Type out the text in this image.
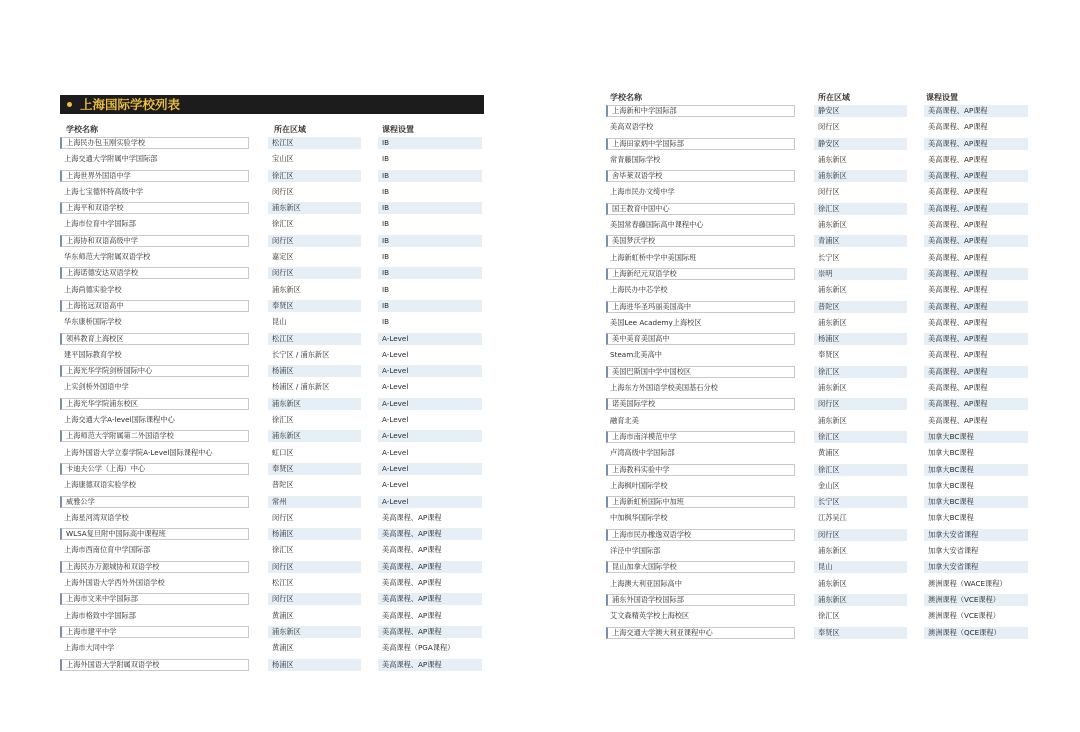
上海国际学校列表
学校名称	所在区域	课程设置
上海民办包玉刚实验学校	松江区	IB
上海交通大学附属中学国际部	宝山区	IB
上海世界外国语中学	徐汇区	IB
上海七宝德怀特高级中学	闵行区	IB
上海平和双语学校	浦东新区	IB
上海市位育中学国际部	徐汇区	IB
上海协和双语高级中学	闵行区	IB
华东师范大学附属双语学校	嘉定区	IB
上海诺德安达双语学校	闵行区	IB
上海尚德实验学校	浦东新区	IB
上海铭远双语高中	奉贤区	IB
华东康桥国际学校	昆山	IB
领科教育上海校区	松江区	A-Level
建平国际教育学校	长宁区 / 浦东新区	A-Level
上海光华学院剑桥国际中心	杨浦区	A-Level
上实剑桥外国语中学	杨浦区 / 浦东新区	A-Level
上海光华学院浦东校区	浦东新区	A-Level
上海交通大学A-level国际课程中心	徐汇区	A-Level
上海师范大学附属第二外国语学校	浦东新区	A-Level
上海外国语大学立泰学院A-Level国际课程中心	虹口区	A-Level
卡迪夫公学（上海）中心	奉贤区	A-Level
上海康德双语实验学校	普陀区	A-Level
威雅公学	常州	A-Level
上海星河湾双语学校	闵行区	美高课程、AP课程
WLSA复旦附中国际高中课程班	杨浦区	美高课程、AP课程
上海市西南位育中学国际部	徐汇区	美高课程、AP课程
上海民办万源城协和双语学校	闵行区	美高课程、AP课程
上海外国语大学西外外国语学校	松江区	美高课程、AP课程
上海市文来中学国际部	闵行区	美高课程、AP课程
上海市格致中学国际部	黄浦区	美高课程、AP课程
上海市建平中学	浦东新区	美高课程、AP课程
上海市大同中学	黄浦区	美高课程（PGA课程）
上海外国语大学附属双语学校	杨浦区	美高课程、AP课程
学校名称	所在区域	课程设置
上海新和中学国际部	静安区	美高课程、AP课程
美高双语学校	闵行区	美高课程、AP课程
上海田家炳中学国际部	静安区	美高课程、AP课程
常青藤国际学校	浦东新区	美高课程、AP课程
舍毕莱双语学校	浦东新区	美高课程、AP课程
上海市民办文绮中学	闵行区	美高课程、AP课程
国王教育中国中心	徐汇区	美高课程、AP课程
美国常春藤国际高中课程中心	浦东新区	美高课程、AP课程
美国梦沃学校	青浦区	美高课程、AP课程
上海新虹桥中学中美国际班	长宁区	美高课程、AP课程
上海新纪元双语学校	崇明	美高课程、AP课程
上海民办中芯学校	浦东新区	美高课程、AP课程
上海进华圣玛丽美国高中	普陀区	美高课程、AP课程
美国Lee Academy上海校区	浦东新区	美高课程、AP课程
美中美育美国高中	杨浦区	美高课程、AP课程
Steam北美高中	奉贤区	美高课程、AP课程
美国巴斯国中学中国校区	徐汇区	美高课程、AP课程
上海东方外国语学校美国基石分校	浦东新区	美高课程、AP课程
诺美国际学校	闵行区	美高课程、AP课程
融育北美	浦东新区	美高课程、AP课程
上海市南洋模范中学	徐汇区	加拿大BC课程
卢湾高级中学国际部	黄浦区	加拿大BC课程
上海教科实验中学	徐汇区	加拿大BC课程
上海枫叶国际学校	金山区	加拿大BC课程
上海新虹桥国际中加班	长宁区	加拿大BC课程
中加枫华国际学校	江苏吴江	加拿大BC课程
上海市民办橡逸双语学校	闵行区	加拿大安省课程
洋泾中学国际部	浦东新区	加拿大安省课程
昆山加拿大国际学校	昆山	加拿大安省课程
上海澳大利亚国际高中	浦东新区	澳洲课程（WACE课程）
浦东外国语学校国际部	浦东新区	澳洲课程（VCE课程）
艾文森精英学校上海校区	徐汇区	澳洲课程（VCE课程）
上海交通大学澳大利亚课程中心	奉贤区	澳洲课程（QCE课程）
